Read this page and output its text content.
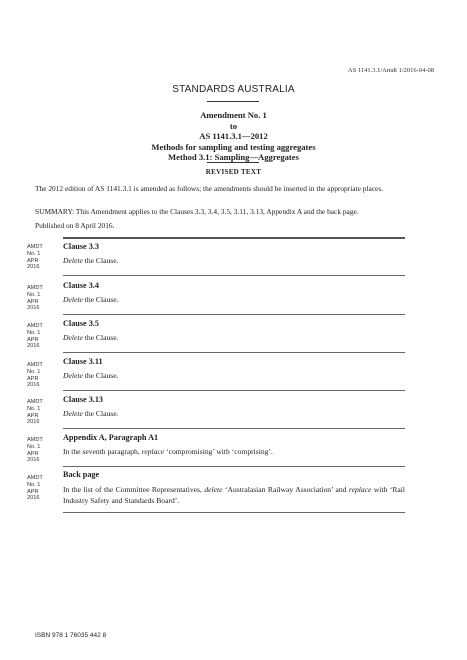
AS 1141.3.1/Amdt 1/2016-04-08
STANDARDS AUSTRALIA
Amendment No. 1
to
AS 1141.3.1—2012
Methods for sampling and testing aggregates
Method 3.1: Sampling—Aggregates
REVISED TEXT
The 2012 edition of AS 1141.3.1 is amended as follows; the amendments should be inserted in the appropriate places.
SUMMARY: This Amendment applies to the Clauses 3.3, 3.4, 3.5, 3.11, 3.13, Appendix A and the back page.
Published on 8 April 2016.
AMDT
No. 1
APR
2016
Clause 3.3
Delete the Clause.
AMDT
No. 1
APR
2016
Clause 3.4
Delete the Clause.
AMDT
No. 1
APR
2016
Clause 3.5
Delete the Clause.
AMDT
No. 1
APR
2016
Clause 3.11
Delete the Clause.
AMDT
No. 1
APR
2016
Clause 3.13
Delete the Clause.
AMDT
No. 1
APR
2016
Appendix A, Paragraph A1
In the seventh paragraph, replace ‘compromising’ with ‘comprising’.
AMDT
No. 1
APR
2016
Back page
In the list of the Committee Representatives, delete ‘Australasian Railway Association’ and replace with ‘Rail Industry Safety and Standards Board’.
ISBN 978 1 76035 442 8
